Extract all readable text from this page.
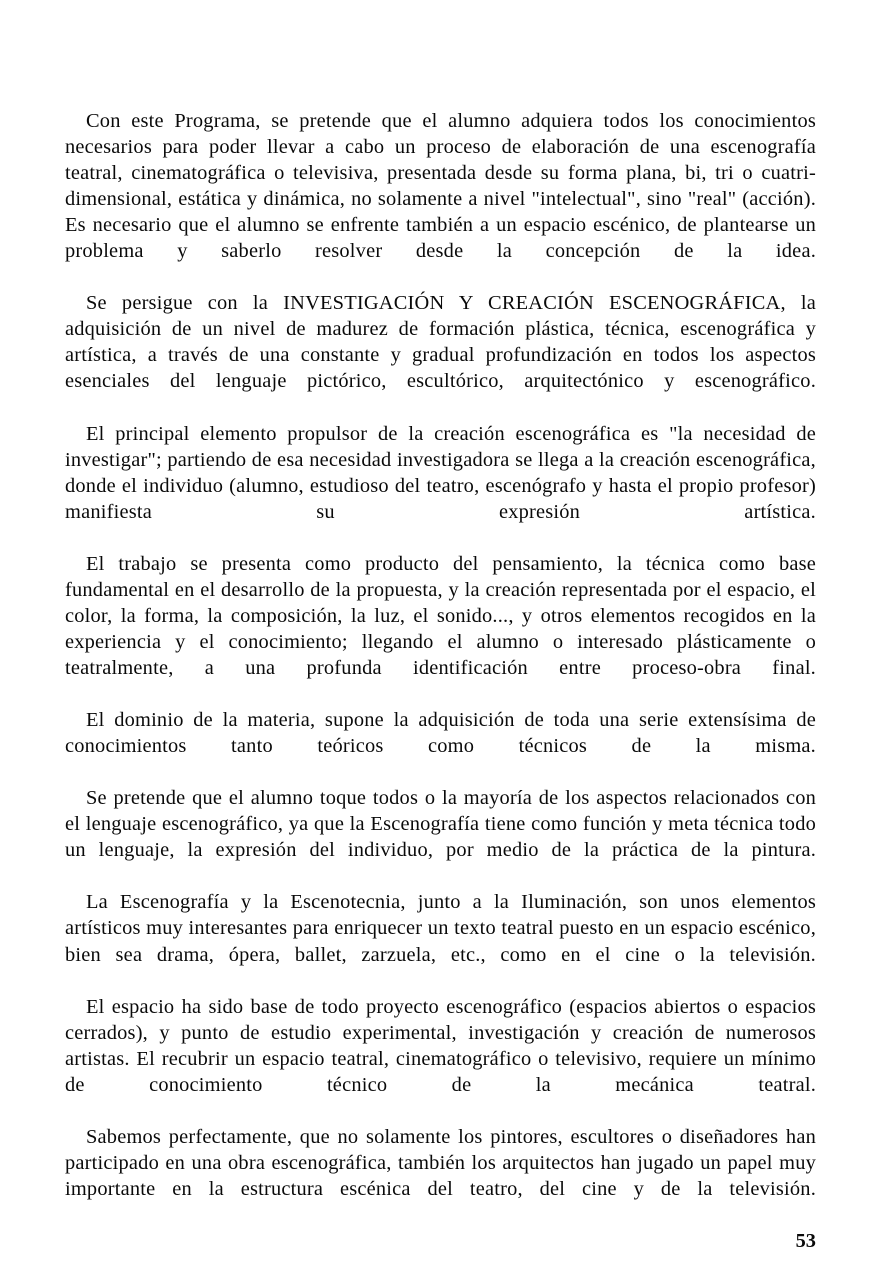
Con este Programa, se pretende que el alumno adquiera todos los conocimientos necesarios para poder llevar a cabo un proceso de elaboración de una escenografía teatral, cinematográfica o televisiva, presentada desde su forma plana, bi, tri o cuatri-dimensional, estática y dinámica, no solamente a nivel "intelectual", sino "real" (acción). Es necesario que el alumno se enfrente también a un espacio escénico, de plantearse un problema y saberlo resolver desde la concepción de la idea.

Se persigue con la INVESTIGACIÓN Y CREACIÓN ESCENOGRÁFICA, la adquisición de un nivel de madurez de formación plástica, técnica, escenográfica y artística, a través de una constante y gradual profundización en todos los aspectos esenciales del lenguaje pictórico, escultórico, arquitectónico y escenográfico.

El principal elemento propulsor de la creación escenográfica es "la necesidad de investigar"; partiendo de esa necesidad investigadora se llega a la creación escenográfica, donde el individuo (alumno, estudioso del teatro, escenógrafo y hasta el propio profesor) manifiesta su expresión artística.

El trabajo se presenta como producto del pensamiento, la técnica como base fundamental en el desarrollo de la propuesta, y la creación representada por el espacio, el color, la forma, la composición, la luz, el sonido..., y otros elementos recogidos en la experiencia y el conocimiento; llegando el alumno o interesado plásticamente o teatralmente, a una profunda identificación entre proceso-obra final.

El dominio de la materia, supone la adquisición de toda una serie extensísima de conocimientos tanto teóricos como técnicos de la misma.

Se pretende que el alumno toque todos o la mayoría de los aspectos relacionados con el lenguaje escenográfico, ya que la Escenografía tiene como función y meta técnica todo un lenguaje, la expresión del individuo, por medio de la práctica de la pintura.

La Escenografía y la Escenotecnia, junto a la Iluminación, son unos elementos artísticos muy interesantes para enriquecer un texto teatral puesto en un espacio escénico, bien sea drama, ópera, ballet, zarzuela, etc., como en el cine o la televisión.

El espacio ha sido base de todo proyecto escenográfico (espacios abiertos o espacios cerrados), y punto de estudio experimental, investigación y creación de numerosos artistas. El recubrir un espacio teatral, cinematográfico o televisivo, requiere un mínimo de conocimiento técnico de la mecánica teatral.

Sabemos perfectamente, que no solamente los pintores, escultores o diseñadores han participado en una obra escenográfica, también los arquitectos han jugado un papel muy importante en la estructura escénica del teatro, del cine y de la televisión.

53
